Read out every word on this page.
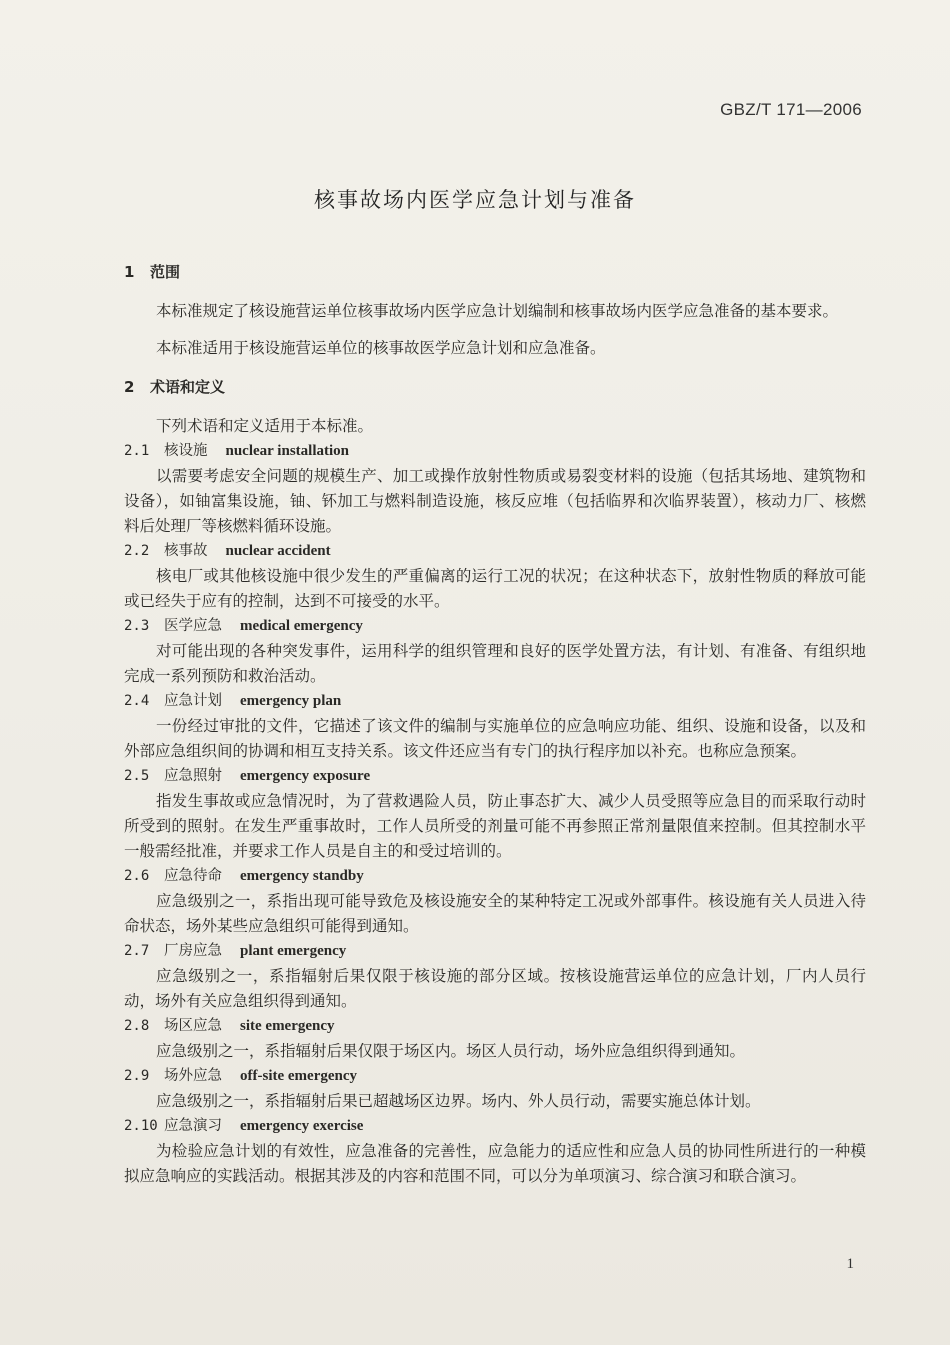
GBZ/T 171—2006
核事故场内医学应急计划与准备
1 范围

本标准规定了核设施营运单位核事故场内医学应急计划编制和核事故场内医学应急准备的基本要求。

本标准适用于核设施营运单位的核事故医学应急计划和应急准备。

2 术语和定义

下列术语和定义适用于本标准。

2.1 核设施 nuclear installation

以需要考虑安全问题的规模生产、加工或操作放射性物质或易裂变材料的设施（包括其场地、建筑物和设备），如铀富集设施，铀、钚加工与燃料制造设施，核反应堆（包括临界和次临界装置），核动力厂、核燃料后处理厂等核燃料循环设施。

2.2 核事故 nuclear accident

核电厂或其他核设施中很少发生的严重偏离的运行工况的状况；在这种状态下，放射性物质的释放可能或已经失于应有的控制，达到不可接受的水平。

2.3 医学应急 medical emergency

对可能出现的各种突发事件，运用科学的组织管理和良好的医学处置方法，有计划、有准备、有组织地完成一系列预防和救治活动。

2.4 应急计划 emergency plan

一份经过审批的文件，它描述了该文件的编制与实施单位的应急响应功能、组织、设施和设备，以及和外部应急组织间的协调和相互支持关系。该文件还应当有专门的执行程序加以补充。也称应急预案。

2.5 应急照射 emergency exposure

指发生事故或应急情况时，为了营救遇险人员，防止事态扩大、减少人员受照等应急目的而采取行动时所受到的照射。在发生严重事故时，工作人员所受的剂量可能不再参照正常剂量限值来控制。但其控制水平一般需经批准，并要求工作人员是自主的和受过培训的。

2.6 应急待命 emergency standby

应急级别之一，系指出现可能导致危及核设施安全的某种特定工况或外部事件。核设施有关人员进入待命状态，场外某些应急组织可能得到通知。

2.7 厂房应急 plant emergency

应急级别之一，系指辐射后果仅限于核设施的部分区域。按核设施营运单位的应急计划，厂内人员行动，场外有关应急组织得到通知。

2.8 场区应急 site emergency

应急级别之一，系指辐射后果仅限于场区内。场区人员行动，场外应急组织得到通知。

2.9 场外应急 off-site emergency

应急级别之一，系指辐射后果已超越场区边界。场内、外人员行动，需要实施总体计划。

2.10 应急演习 emergency exercise

为检验应急计划的有效性，应急准备的完善性，应急能力的适应性和应急人员的协同性所进行的一种模拟应急响应的实践活动。根据其涉及的内容和范围不同，可以分为单项演习、综合演习和联合演习。

1
